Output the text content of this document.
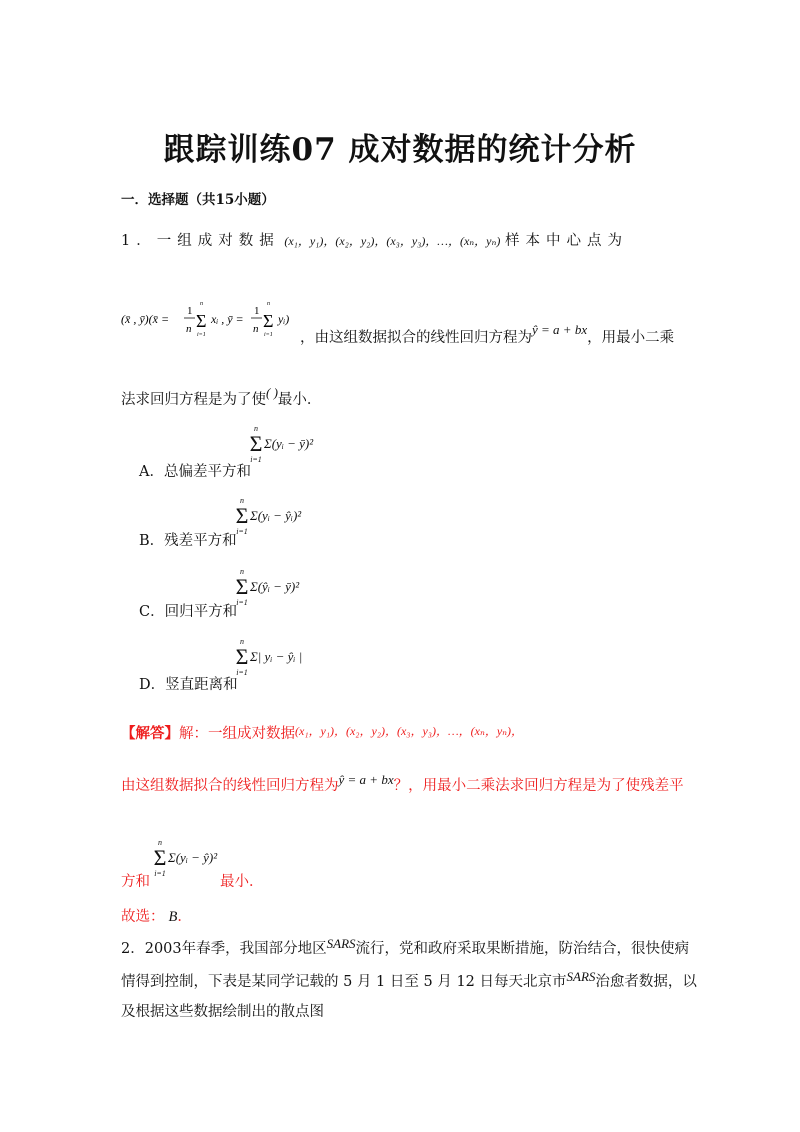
跟踪训练07 成对数据的统计分析
一．选择题（共15小题）
1．一组成对数据 (x₁，y₁)，(x₂，y₂)，(x₃，y₃)，…，(xₙ，yₙ) 样本中心点为
(x̄ , ȳ)(x̄ =
1
n
n
Σ
i=1
xᵢ , ȳ =
1
n
n
Σ
i=1
yᵢ)
，由这组数据拟合的线性回归方程为ŷ = a + bx，用最小二乘
法求回归方程是为了使( )最小．
n
Σ
i=1
Σ(yᵢ − ȳ)²
A．总偏差平方和
n
Σ
i=1
Σ(yᵢ − ŷᵢ)²
B．残差平方和
n
Σ
i=1
Σ(ŷᵢ − ȳ)²
C．回归平方和
n
Σ
i=1
Σ| yᵢ − ŷᵢ |
D．竖直距离和
【解答】解：一组成对数据$^{(x_1,y_1),(x_2,y_2),(x_3,y_3),\dots,(x_n,y_n),}$
由这组数据拟合的线性回归方程为ŷ = a + bx？，用最小二乘法求回归方程是为了使残差平
n
Σ
i=1
Σ(yᵢ − ŷ)²
方和	最小．
故选： B．
2．2003年春季，我国部分地区SARS流行，党和政府采取果断措施，防治结合，很快使病
情得到控制，下表是某同学记载的 5 月 1 日至 5 月 12 日每天北京市SARS治愈者数据，以
及根据这些数据绘制出的散点图
